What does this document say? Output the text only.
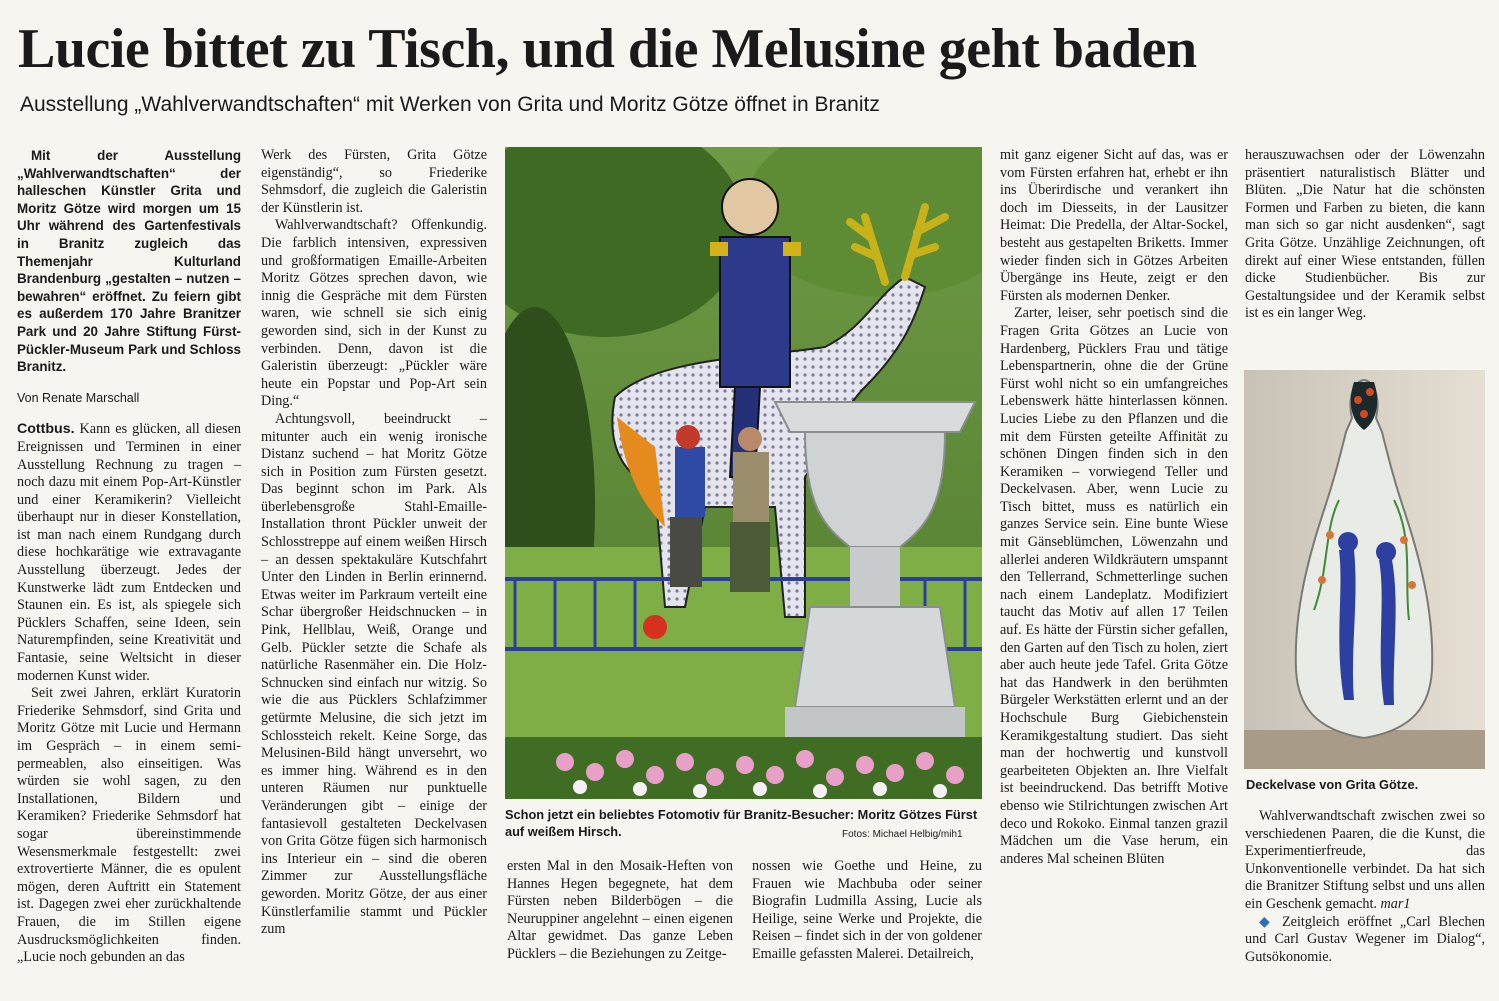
Lucie bittet zu Tisch, und die Melusine geht baden
Ausstellung „Wahlverwandtschaften“ mit Werken von Grita und Moritz Götze öffnet in Branitz

Mit der Ausstellung „Wahlverwandtschaften“ der halleschen Künstler Grita und Moritz Götze wird morgen um 15 Uhr während des Gartenfestivals in Branitz zugleich das Themenjahr Kulturland Brandenburg „gestalten – nutzen – bewahren“ eröffnet. Zu feiern gibt es außerdem 170 Jahre Branitzer Park und 20 Jahre Stiftung Fürst-Pückler-Museum Park und Schloss Branitz.

Von Renate Marschall

Cottbus. Kann es glücken, all diesen Ereignissen und Terminen in einer Ausstellung Rechnung zu tragen – noch dazu mit einem Pop-Art-Künstler und einer Keramikerin? Vielleicht überhaupt nur in dieser Konstellation, ist man nach einem Rundgang durch diese hochkarätige wie extravagante Ausstellung überzeugt. Jedes der Kunstwerke lädt zum Entdecken und Staunen ein. Es ist, als spiegele sich Pücklers Schaffen, seine Ideen, sein Naturempfinden, seine Kreativität und Fantasie, seine Weltsicht in dieser modernen Kunst wider.

Seit zwei Jahren, erklärt Kuratorin Friederike Sehmsdorf, sind Grita und Moritz Götze mit Lucie und Hermann im Gespräch – in einem semi-permeablen, also einseitigen. Was würden sie wohl sagen, zu den Installationen, Bildern und Keramiken? Friederike Sehmsdorf hat sogar übereinstimmende Wesensmerkmale festgestellt: zwei extrovertierte Männer, die es opulent mögen, deren Auftritt ein Statement ist. Dagegen zwei eher zurückhaltende Frauen, die im Stillen eigene Ausdrucksmöglichkeiten finden. „Lucie noch gebunden an das

Werk des Fürsten, Grita Götze eigenständig“, so Friederike Sehmsdorf, die zugleich die Galeristin der Künstlerin ist.

Wahlverwandtschaft? Offenkundig. Die farblich intensiven, expressiven und großformatigen Emaille-Arbeiten Moritz Götzes sprechen davon, wie innig die Gespräche mit dem Fürsten waren, wie schnell sie sich einig geworden sind, sich in der Kunst zu verbinden. Denn, davon ist die Galeristin überzeugt: „Pückler wäre heute ein Popstar und Pop-Art sein Ding.“

Achtungsvoll, beeindruckt – mitunter auch ein wenig ironische Distanz suchend – hat Moritz Götze sich in Position zum Fürsten gesetzt. Das beginnt schon im Park. Als überlebensgroße Stahl-Emaille-Installation thront Pückler unweit der Schlosstreppe auf einem weißen Hirsch – an dessen spektakuläre Kutschfahrt Unter den Linden in Berlin erinnernd. Etwas weiter im Parkraum verteilt eine Schar übergroßer Heidschnucken – in Pink, Hellblau, Weiß, Orange und Gelb. Pückler setzte die Schafe als natürliche Rasenmäher ein. Die Holz-Schnucken sind einfach nur witzig. So wie die aus Pücklers Schlafzimmer getürmte Melusine, die sich jetzt im Schlossteich rekelt. Keine Sorge, das Melusinen-Bild hängt unversehrt, wo es immer hing. Während es in den unteren Räumen nur punktuelle Veränderungen gibt – einige der fantasievoll gestalteten Deckelvasen von Grita Götze fügen sich harmonisch ins Interieur ein – sind die oberen Zimmer zur Ausstellungsfläche geworden. Moritz Götze, der aus einer Künstlerfamilie stammt und Pückler zum

Schon jetzt ein beliebtes Fotomotiv für Branitz-Besucher: Moritz Götzes Fürst auf weißem Hirsch.	Fotos: Michael Helbig/mih1

ersten Mal in den Mosaik-Heften von Hannes Hegen begegnete, hat dem Fürsten neben Bilderbögen – die Neuruppiner angelehnt – einen eigenen Altar gewidmet. Das ganze Leben Pücklers – die Beziehungen zu Zeitge-

nossen wie Goethe und Heine, zu Frauen wie Machbuba oder seiner Biografin Ludmilla Assing, Lucie als Heilige, seine Werke und Projekte, die Reisen – findet sich in der von goldener Emaille gefassten Malerei. Detailreich,

mit ganz eigener Sicht auf das, was er vom Fürsten erfahren hat, erhebt er ihn ins Überirdische und verankert ihn doch im Diesseits, in der Lausitzer Heimat: Die Predella, der Altar-Sockel, besteht aus gestapelten Briketts. Immer wieder finden sich in Götzes Arbeiten Übergänge ins Heute, zeigt er den Fürsten als modernen Denker.

Zarter, leiser, sehr poetisch sind die Fragen Grita Götzes an Lucie von Hardenberg, Pücklers Frau und tätige Lebenspartnerin, ohne die der Grüne Fürst wohl nicht so ein umfangreiches Lebenswerk hätte hinterlassen können. Lucies Liebe zu den Pflanzen und die mit dem Fürsten geteilte Affinität zu schönen Dingen finden sich in den Keramiken – vorwiegend Teller und Deckelvasen. Aber, wenn Lucie zu Tisch bittet, muss es natürlich ein ganzes Service sein. Eine bunte Wiese mit Gänseblümchen, Löwenzahn und allerlei anderen Wildkräutern umspannt den Tellerrand, Schmetterlinge suchen nach einem Landeplatz. Modifiziert taucht das Motiv auf allen 17 Teilen auf. Es hätte der Fürstin sicher gefallen, den Garten auf den Tisch zu holen, ziert aber auch heute jede Tafel. Grita Götze hat das Handwerk in den berühmten Bürgeler Werkstätten erlernt und an der Hochschule Burg Giebichenstein Keramikgestaltung studiert. Das sieht man der hochwertig und kunstvoll gearbeiteten Objekten an. Ihre Vielfalt ist beeindruckend. Das betrifft Motive ebenso wie Stilrichtungen zwischen Art deco und Rokoko. Einmal tanzen grazil Mädchen um die Vase herum, ein anderes Mal scheinen Blüten

herauszuwachsen oder der Löwenzahn präsentiert naturalistisch Blätter und Blüten. „Die Natur hat die schönsten Formen und Farben zu bieten, die kann man sich so gar nicht ausdenken“, sagt Grita Götze. Unzählige Zeichnungen, oft direkt auf einer Wiese entstanden, füllen dicke Studienbücher. Bis zur Gestaltungsidee und der Keramik selbst ist es ein langer Weg.

Deckelvase von Grita Götze.

Wahlverwandtschaft zwischen zwei so verschiedenen Paaren, die die Kunst, die Experimentierfreude, das Unkonventionelle verbindet. Da hat sich die Branitzer Stiftung selbst und uns allen ein Geschenk gemacht. mar1

◆ Zeitgleich eröffnet „Carl Blechen und Carl Gustav Wegener im Dialog“, Gutsökonomie.
